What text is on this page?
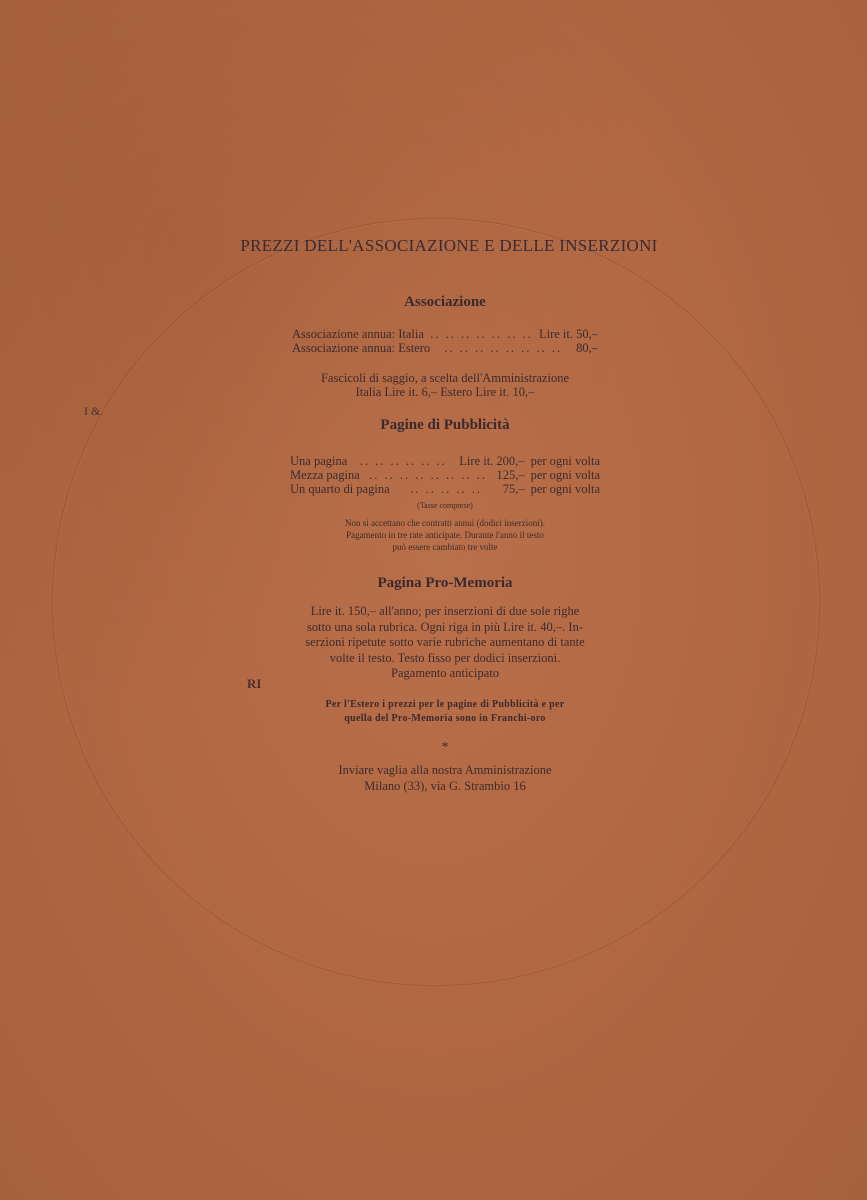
I &.
RI
PREZZI DELL'ASSOCIAZIONE E DELLE INSERZIONI
Associazione
Associazione annua: Italia .. .. .. .. .. .. .. Lire it. 50,–
Associazione annua: Estero	.. .. .. .. .. .. .. ..	80,–
Fascicoli di saggio, a scelta dell'Amministrazione
Italia Lire it. 6,– Estero Lire it. 10,–
Pagine di Pubblicità
Una pagina .. .. .. .. .. .. Lire it. 200,– per ogni volta
Mezza pagina .. .. .. .. .. .. .. .. 125,– per ogni volta
Un quarto di pagina	.. .. .. .. ..	75,– per ogni volta
(Tasse comprese)
Non si accettano che contratti annui (dodici inserzioni).
Pagamento in tre rate anticipate. Durante l'anno il testo
può essere cambiato tre volte
Pagina Pro-Memoria
Lire it. 150,– all'anno; per inserzioni di due sole righe
sotto una sola rubrica. Ogni riga in più Lire it. 40,–. In-
serzioni ripetute sotto varie rubriche aumentano di tante
volte il testo. Testo fisso per dodici inserzioni.
Pagamento anticipato
Per l'Estero i prezzi per le pagine di Pubblicità e per
quella del Pro-Memoria sono in Franchi-oro
*
Inviare vaglia alla nostra Amministrazione
Milano (33), via G. Strambio 16
